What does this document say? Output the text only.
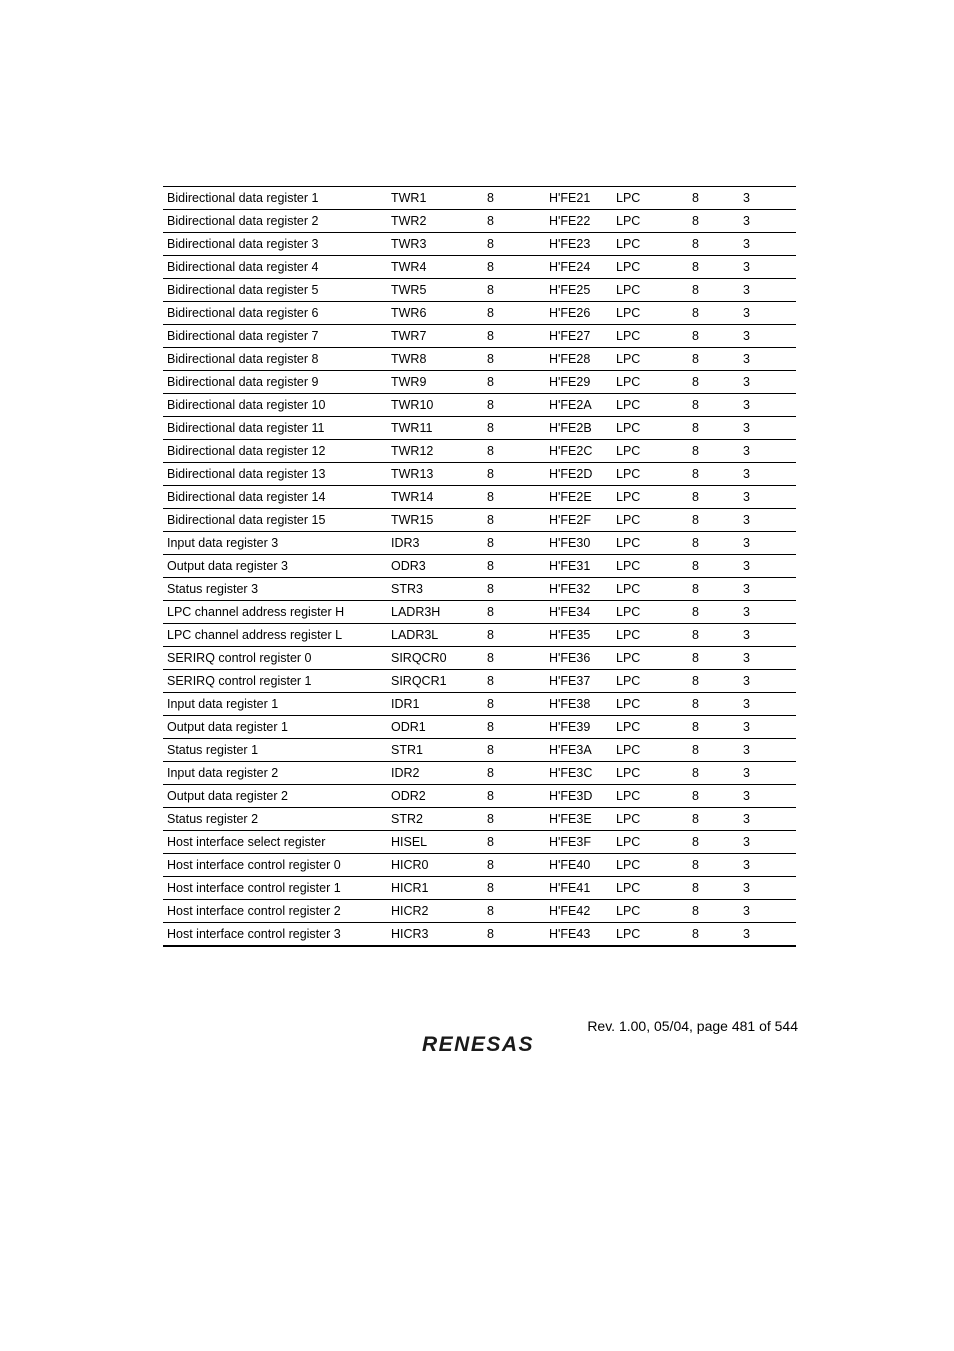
Bidirectional data register 1	TWR1	8	H'FE21	LPC	8	3
Bidirectional data register 2	TWR2	8	H'FE22	LPC	8	3
Bidirectional data register 3	TWR3	8	H'FE23	LPC	8	3
Bidirectional data register 4	TWR4	8	H'FE24	LPC	8	3
Bidirectional data register 5	TWR5	8	H'FE25	LPC	8	3
Bidirectional data register 6	TWR6	8	H'FE26	LPC	8	3
Bidirectional data register 7	TWR7	8	H'FE27	LPC	8	3
Bidirectional data register 8	TWR8	8	H'FE28	LPC	8	3
Bidirectional data register 9	TWR9	8	H'FE29	LPC	8	3
Bidirectional data register 10	TWR10	8	H'FE2A	LPC	8	3
Bidirectional data register 11	TWR11	8	H'FE2B	LPC	8	3
Bidirectional data register 12	TWR12	8	H'FE2C	LPC	8	3
Bidirectional data register 13	TWR13	8	H'FE2D	LPC	8	3
Bidirectional data register 14	TWR14	8	H'FE2E	LPC	8	3
Bidirectional data register 15	TWR15	8	H'FE2F	LPC	8	3
Input data register 3	IDR3	8	H'FE30	LPC	8	3
Output data register 3	ODR3	8	H'FE31	LPC	8	3
Status register 3	STR3	8	H'FE32	LPC	8	3
LPC channel address register H	LADR3H	8	H'FE34	LPC	8	3
LPC channel address register L	LADR3L	8	H'FE35	LPC	8	3
SERIRQ control register 0	SIRQCR0	8	H'FE36	LPC	8	3
SERIRQ control register 1	SIRQCR1	8	H'FE37	LPC	8	3
Input data register 1	IDR1	8	H'FE38	LPC	8	3
Output data register 1	ODR1	8	H'FE39	LPC	8	3
Status register 1	STR1	8	H'FE3A	LPC	8	3
Input data register 2	IDR2	8	H'FE3C	LPC	8	3
Output data register 2	ODR2	8	H'FE3D	LPC	8	3
Status register 2	STR2	8	H'FE3E	LPC	8	3
Host interface select register	HISEL	8	H'FE3F	LPC	8	3
Host interface control register 0	HICR0	8	H'FE40	LPC	8	3
Host interface control register 1	HICR1	8	H'FE41	LPC	8	3
Host interface control register 2	HICR2	8	H'FE42	LPC	8	3
Host interface control register 3	HICR3	8	H'FE43	LPC	8	3
Rev. 1.00, 05/04, page 481 of 544
RENESAS
